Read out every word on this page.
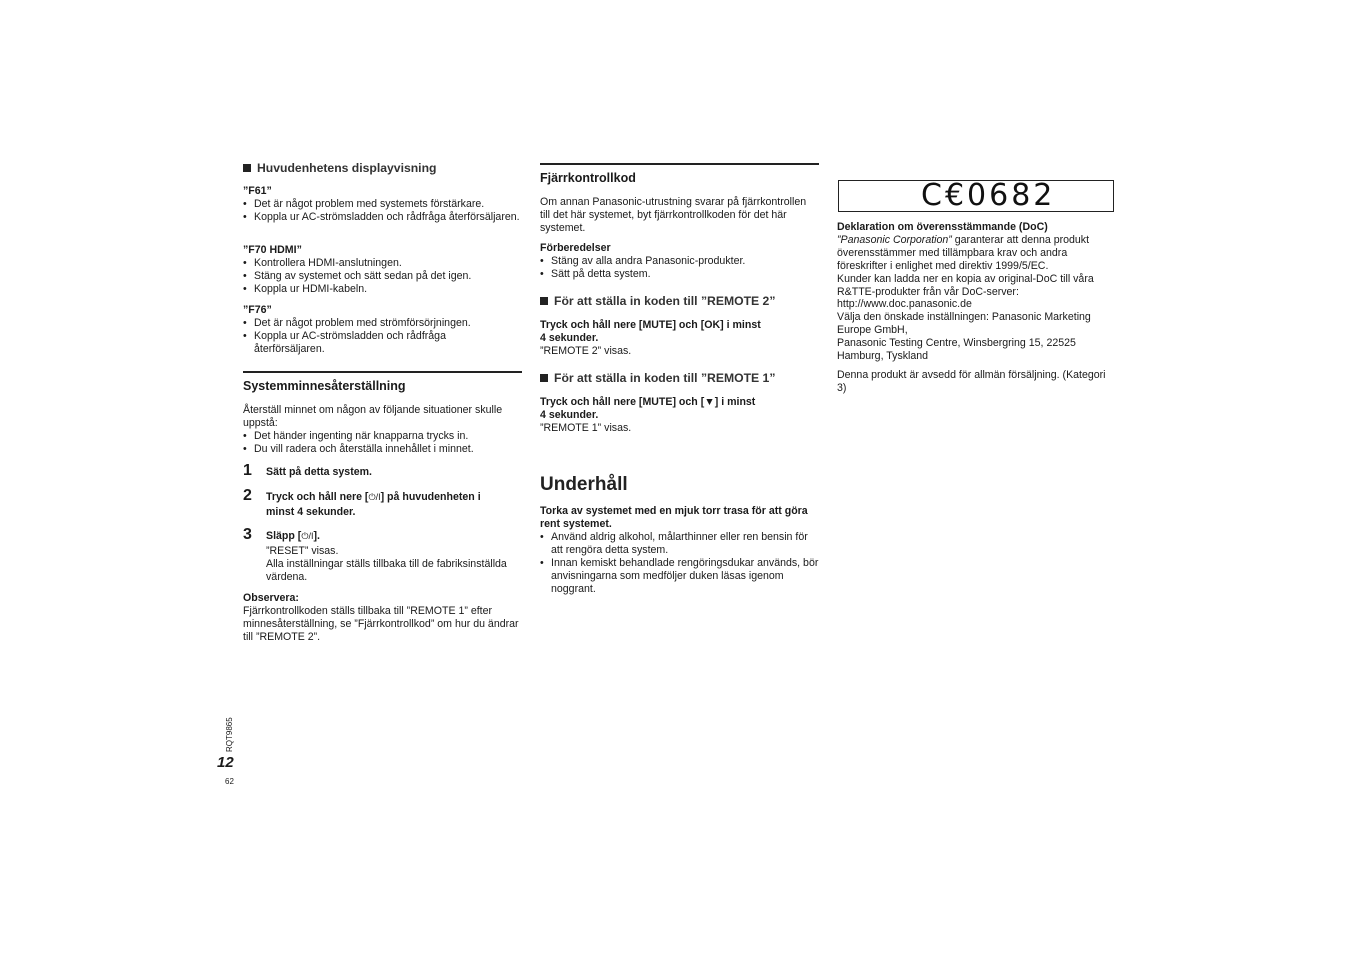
Huvudenhetens displayvisning
”F61”
• Det är något problem med systemets förstärkare.
• Koppla ur AC-strömsladden och rådfråga återförsäljaren.
”F70 HDMI”
• Kontrollera HDMI-anslutningen.
• Stäng av systemet och sätt sedan på det igen.
• Koppla ur HDMI-kabeln.
”F76”
• Det är något problem med strömförsörjningen.
• Koppla ur AC-strömsladden och rådfråga återförsäljaren.
Systemminnesåterställning
Återställ minnet om någon av följande situationer skulle uppstå:
• Det händer ingenting när knapparna trycks in.
• Du vill radera och återställa innehållet i minnet.
1 Sätt på detta system.
2 Tryck och håll nere [⏻/I] på huvudenheten i minst 4 sekunder.
3 Släpp [⏻/I].
”RESET” visas.
Alla inställningar ställs tillbaka till de fabriksinställda värdena.
Observera:
Fjärrkontrollkoden ställs tillbaka till ”REMOTE 1” efter minnesåterställning, se ”Fjärrkontrollkod” om hur du ändrar till ”REMOTE 2”.
Fjärrkontrollkod
Om annan Panasonic-utrustning svarar på fjärrkontrollen till det här systemet, byt fjärrkontrollkoden för det här systemet.
Förberedelser
• Stäng av alla andra Panasonic-produkter.
• Sätt på detta system.
För att ställa in koden till ”REMOTE 2”
Tryck och håll nere [MUTE] och [OK] i minst
4 sekunder.
”REMOTE 2” visas.
För att ställa in koden till ”REMOTE 1”
Tryck och håll nere [MUTE] och [▼] i minst
4 sekunder.
”REMOTE 1” visas.
Underhåll
Torka av systemet med en mjuk torr trasa för att göra rent systemet.
• Använd aldrig alkohol, målarthinner eller ren bensin för att rengöra detta system.
• Innan kemiskt behandlade rengöringsdukar används, bör anvisningarna som medföljer duken läsas igenom noggrant.
C€0682
Deklaration om överensstämmande (DoC)
”Panasonic Corporation” garanterar att denna produkt överensstämmer med tillämpbara krav och andra föreskrifter i enlighet med direktiv 1999/5/EC.
Kunder kan ladda ner en kopia av original-DoC till våra R&TTE-produkter från vår DoC-server:
http://www.doc.panasonic.de
Välja den önskade inställningen: Panasonic Marketing Europe GmbH,
Panasonic Testing Centre, Winsbergring 15, 22525 Hamburg, Tyskland
Denna produkt är avsedd för allmän försäljning. (Kategori 3)
RQT9865
12
62
